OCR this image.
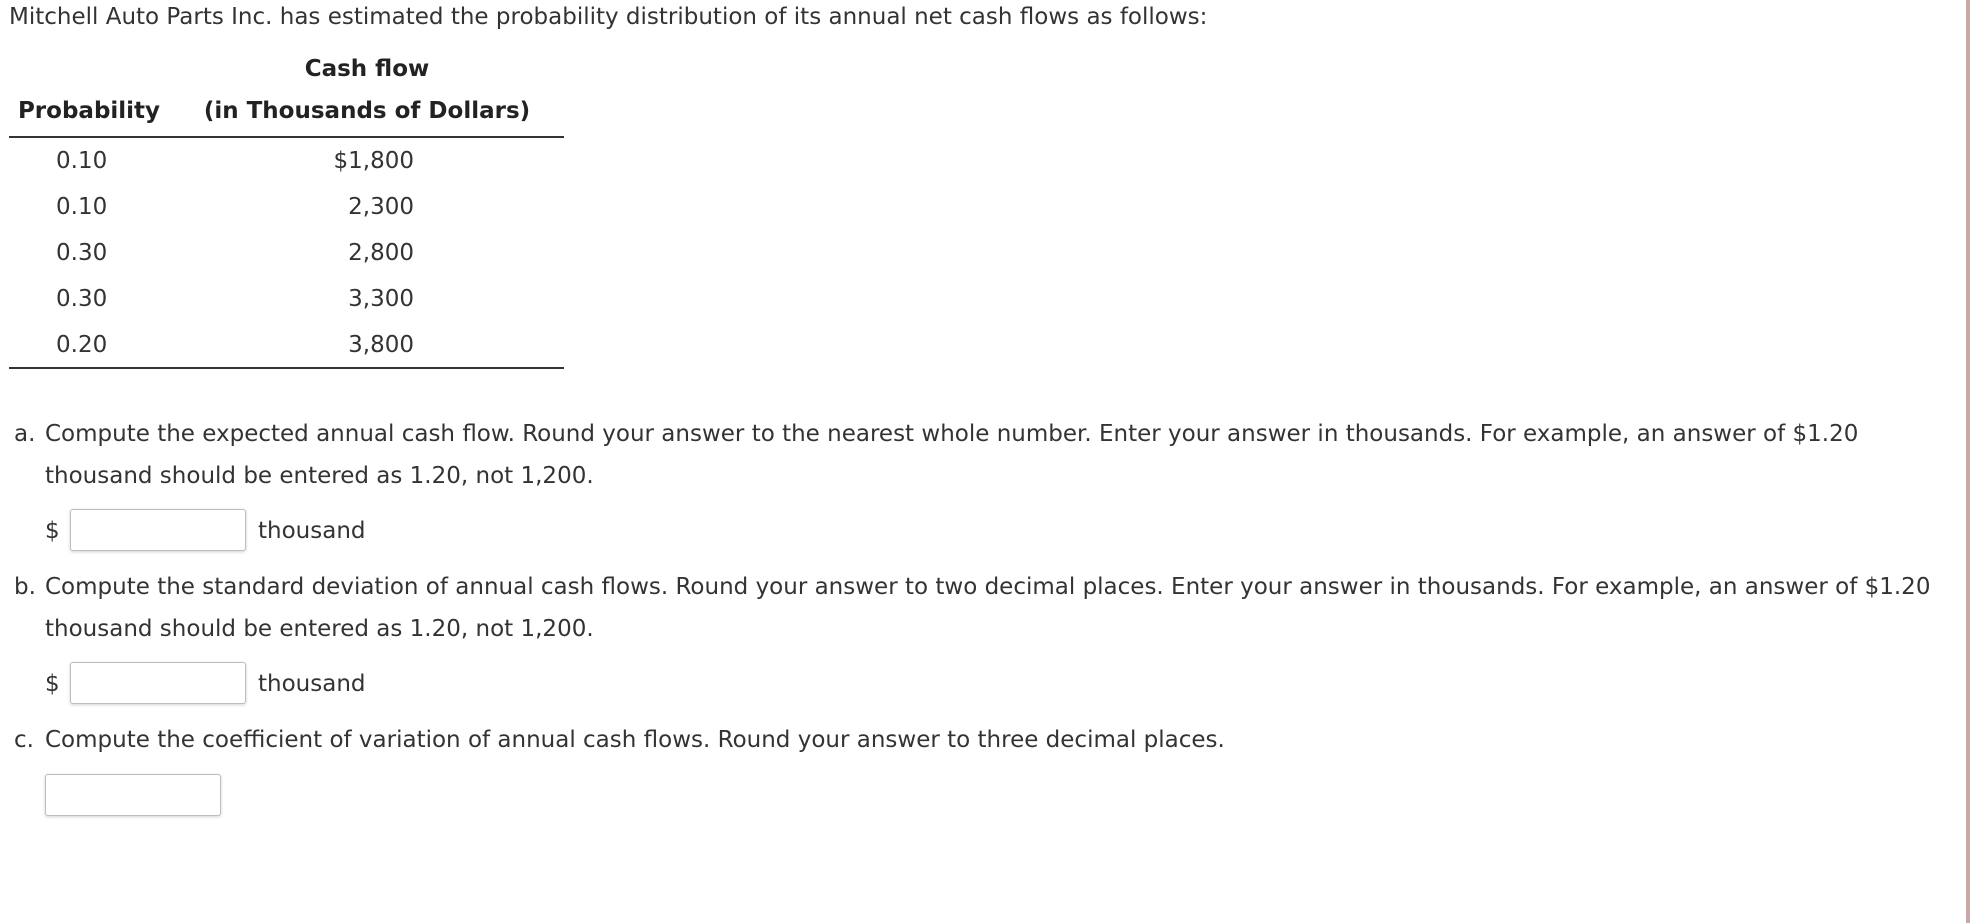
Mitchell Auto Parts Inc. has estimated the probability distribution of its annual net cash flows as follows:
Cash flow
Probability	(in Thousands of Dollars)
0.10	$1,800
0.10	2,300
0.30	2,800
0.30	3,300
0.20	3,800
a. Compute the expected annual cash flow. Round your answer to the nearest whole number. Enter your answer in thousands. For example, an answer of $1.20 thousand should be entered as 1.20, not 1,200.
$	thousand
b. Compute the standard deviation of annual cash flows. Round your answer to two decimal places. Enter your answer in thousands. For example, an answer of $1.20 thousand should be entered as 1.20, not 1,200.
$	thousand
c. Compute the coefficient of variation of annual cash flows. Round your answer to three decimal places.
